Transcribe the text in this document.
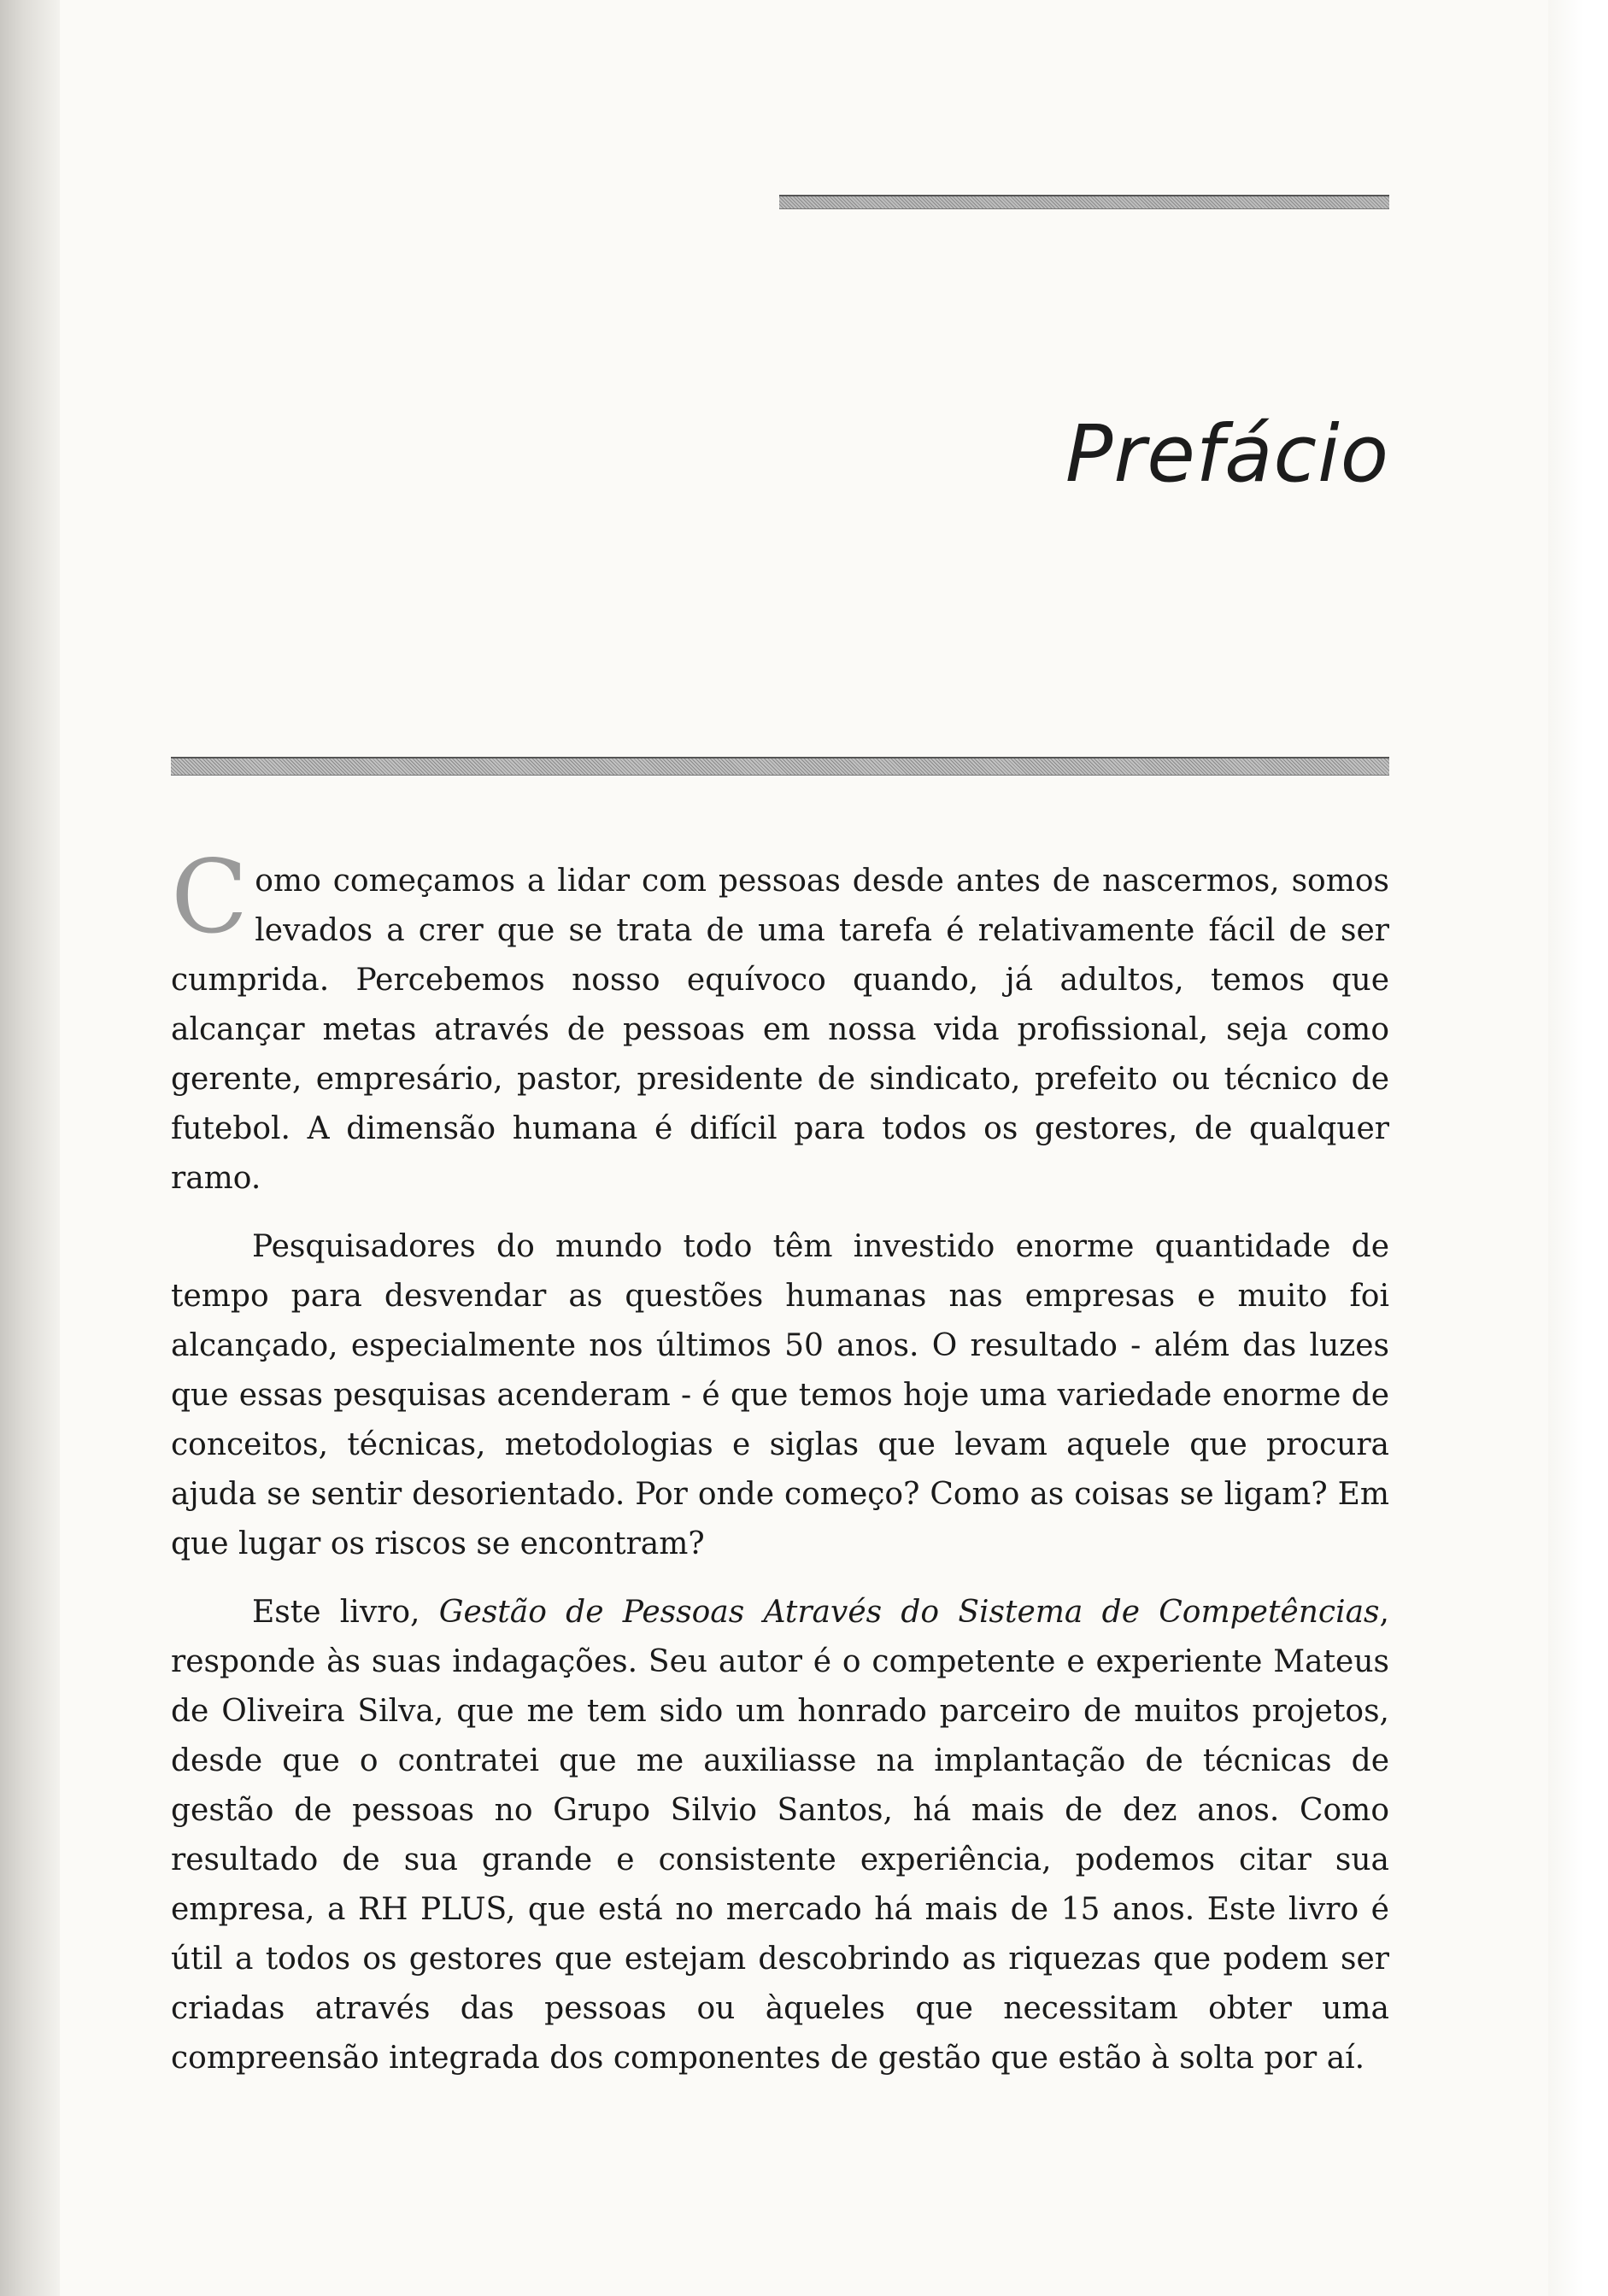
Prefácio

Como começamos a lidar com pessoas desde antes de nascermos, somos levados a crer que se trata de uma tarefa é relativamente fácil de ser cumprida. Percebemos nosso equívoco quando, já adultos, temos que alcançar metas através de pessoas em nossa vida profissional, seja como gerente, empresário, pastor, presidente de sindicato, prefeito ou técnico de futebol. A dimensão humana é difícil para todos os gestores, de qualquer ramo.

Pesquisadores do mundo todo têm investido enorme quantidade de tempo para desvendar as questões humanas nas empresas e muito foi alcançado, especialmente nos últimos 50 anos. O resultado - além das luzes que essas pesquisas acenderam - é que temos hoje uma variedade enorme de conceitos, técnicas, metodologias e siglas que levam aquele que procura ajuda se sentir desorientado. Por onde começo? Como as coisas se ligam? Em que lugar os riscos se encontram?

Este livro, Gestão de Pessoas Através do Sistema de Competências, responde às suas indagações. Seu autor é o competente e experiente Mateus de Oliveira Silva, que me tem sido um honrado parceiro de muitos projetos, desde que o contratei que me auxiliasse na implantação de técnicas de gestão de pessoas no Grupo Silvio Santos, há mais de dez anos. Como resultado de sua grande e consistente experiência, podemos citar sua empresa, a RH PLUS, que está no mercado há mais de 15 anos. Este livro é útil a todos os gestores que estejam descobrindo as riquezas que podem ser criadas através das pessoas ou àqueles que necessitam obter uma compreensão integrada dos componentes de gestão que estão à solta por aí.
